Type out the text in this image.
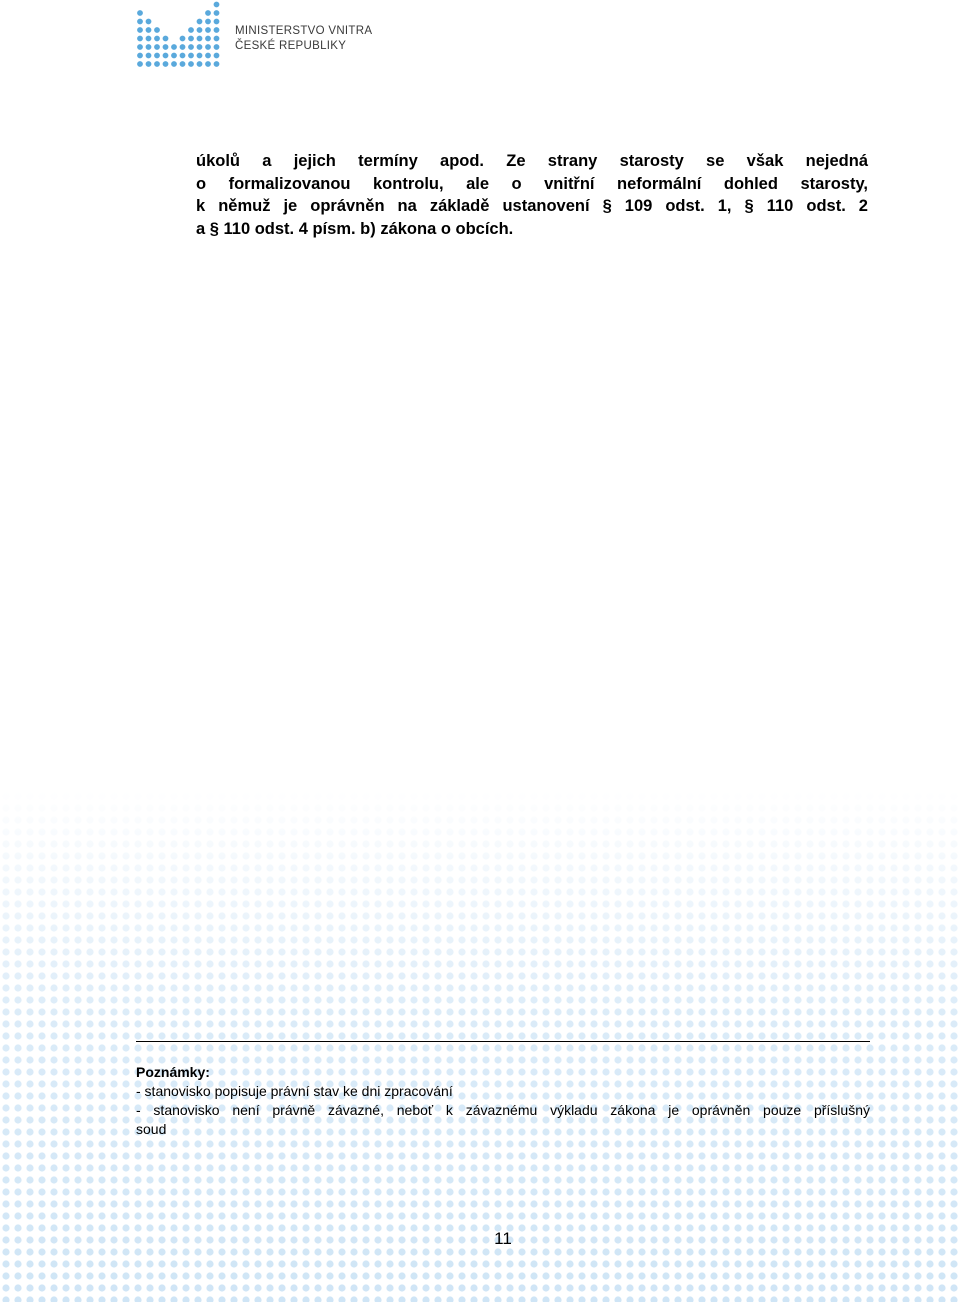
MINISTERSTVO VNITRA
ČESKÉ REPUBLIKY
úkolů a jejich termíny apod. Ze strany starosty se však nejedná
o formalizovanou kontrolu, ale o vnitřní neformální dohled starosty,
k němuž je oprávněn na základě ustanovení § 109 odst. 1, § 110 odst. 2
a § 110 odst. 4 písm. b) zákona o obcích.
Poznámky:
- stanovisko popisuje právní stav ke dni zpracování
- stanovisko není právně závazné, neboť k závaznému výkladu zákona je oprávněn pouze příslušný
soud
11
